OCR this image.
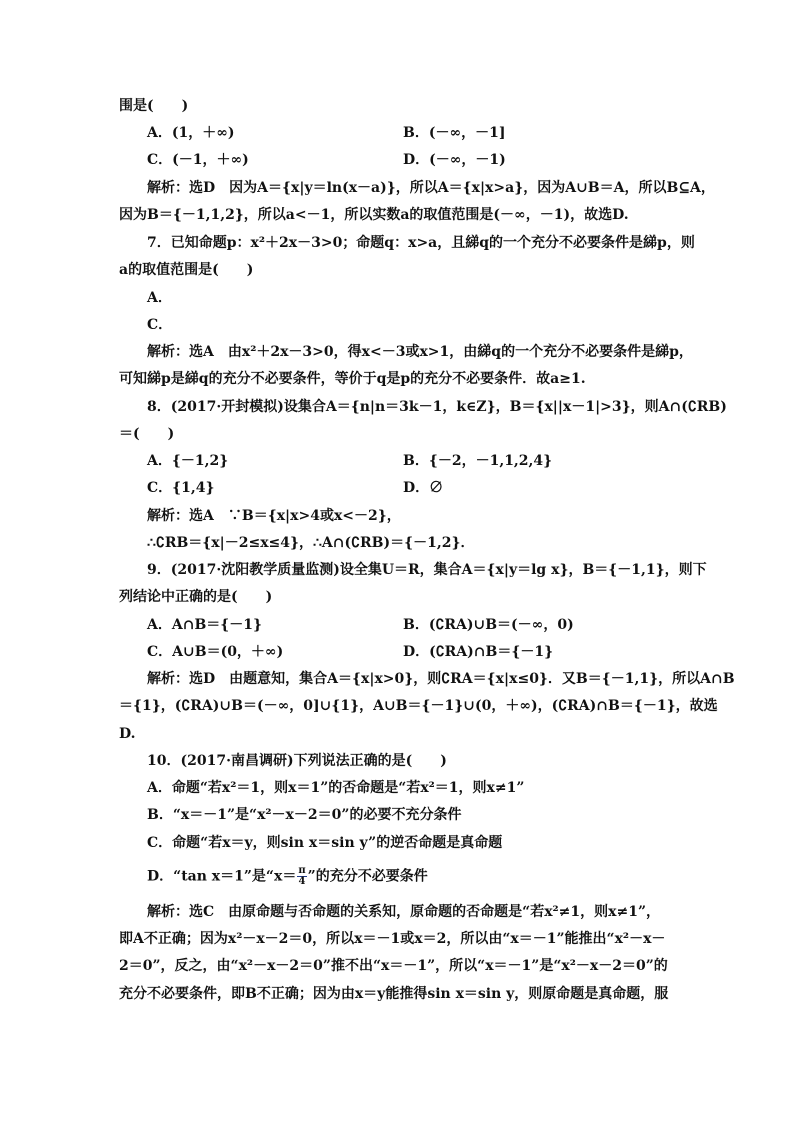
围是(　　)
A．(1，＋∞)	B．(－∞，－1]
C．(－1，＋∞)	D．(－∞，－1)
解析：选D　因为A＝{x|y＝ln(x－a)}，所以A＝{x|x>a}，因为A∪B＝A，所以B⊆A，
因为B＝{－1,1,2}，所以a<－1，所以实数a的取值范围是(－∞，－1)，故选D.
7．已知命题p：x²＋2x－3>0；命题q：x>a，且綈q的一个充分不必要条件是綈p，则
a的取值范围是(　　)
A．
C．
解析：选A　由x²＋2x－3>0，得x<－3或x>1，由綈q的一个充分不必要条件是綈p，
可知綈p是綈q的充分不必要条件，等价于q是p的充分不必要条件．故a≥1.
8．(2017·开封模拟)设集合A＝{n|n＝3k－1，k∈Z}，B＝{x||x－1|>3}，则A∩(∁RB)
＝(　　)
A．{－1,2}	B．{－2，－1,1,2,4}
C．{1,4}	D．∅
解析：选A　∵B＝{x|x>4或x<－2}，
∴∁RB＝{x|－2≤x≤4}，∴A∩(∁RB)＝{－1,2}．
9．(2017·沈阳教学质量监测)设全集U＝R，集合A＝{x|y＝lg x}，B＝{－1,1}，则下
列结论中正确的是(　　)
A．A∩B＝{－1}	B．(∁RA)∪B＝(－∞，0)
C．A∪B＝(0，＋∞)	D．(∁RA)∩B＝{－1}
解析：选D　由题意知，集合A＝{x|x>0}，则∁RA＝{x|x≤0}．又B＝{－1,1}，所以A∩B
＝{1}，(∁RA)∪B＝(－∞，0]∪{1}，A∪B＝{－1}∪(0，＋∞)，(∁RA)∩B＝{－1}，故选
D.
10．(2017·南昌调研)下列说法正确的是(　　)
A．命题“若x²＝1，则x＝1”的否命题是“若x²＝1，则x≠1”
B．“x＝－1”是“x²－x－2＝0”的必要不充分条件
C．命题“若x＝y，则sin x＝sin y”的逆否命题是真命题
D．“tan x＝1”是“$x= \frac{\pi}{4}$ ”的充分不必要条件
解析：选C　由原命题与否命题的关系知，原命题的否命题是“若x²≠1，则x≠1”，
即A不正确；因为x²－x－2＝0，所以x＝－1或x＝2，所以由“x＝－1”能推出“x²－x－
2＝0”，反之，由“x²－x－2＝0”推不出“x＝－1”，所以“x＝－1”是“x²－x－2＝0”的
充分不必要条件，即B不正确；因为由x＝y能推得sin x＝sin y，则原命题是真命题，服
